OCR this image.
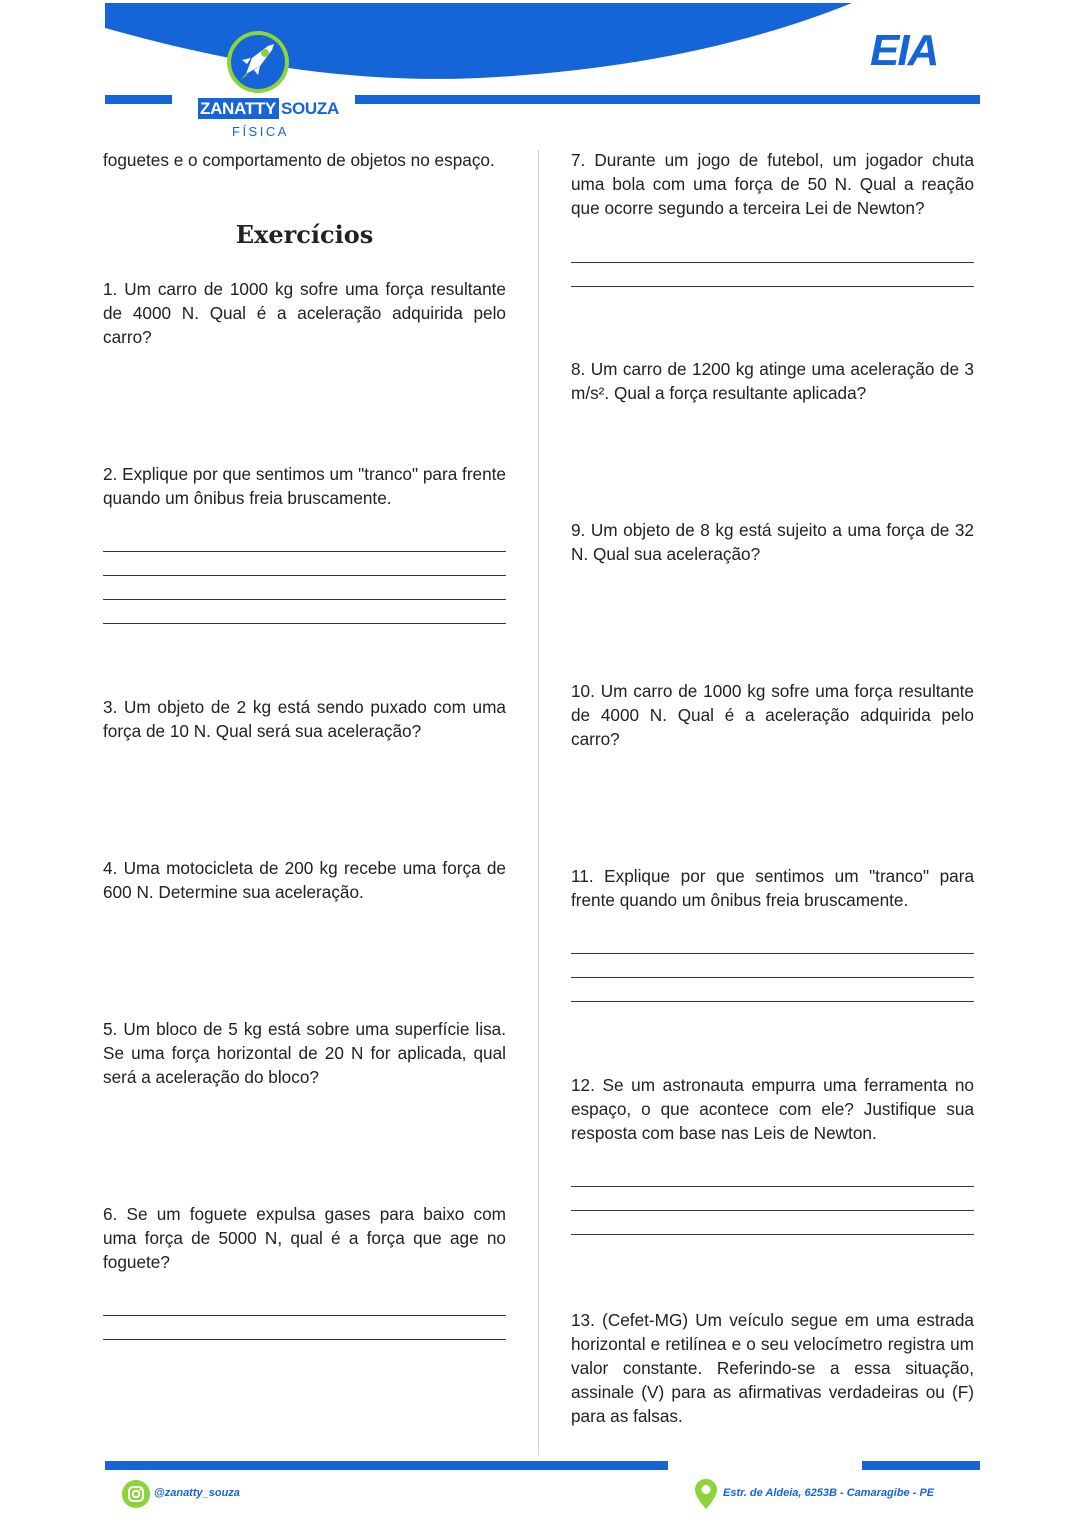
ZANATTY SOUZA
FÍSICA
EIA
foguetes e o comportamento de objetos no espaço.
Exercícios
1. Um carro de 1000 kg sofre uma força resultante de 4000 N. Qual é a aceleração adquirida pelo carro?
2. Explique por que sentimos um "tranco" para frente quando um ônibus freia bruscamente.
3. Um objeto de 2 kg está sendo puxado com uma força de 10 N. Qual será sua aceleração?
4. Uma motocicleta de 200 kg recebe uma força de 600 N. Determine sua aceleração.
5. Um bloco de 5 kg está sobre uma superfície lisa. Se uma força horizontal de 20 N for aplicada, qual será a aceleração do bloco?
6. Se um foguete expulsa gases para baixo com uma força de 5000 N, qual é a força que age no foguete?
7. Durante um jogo de futebol, um jogador chuta uma bola com uma força de 50 N. Qual a reação que ocorre segundo a terceira Lei de Newton?
8. Um carro de 1200 kg atinge uma aceleração de 3 m/s². Qual a força resultante aplicada?
9. Um objeto de 8 kg está sujeito a uma força de 32 N. Qual sua aceleração?
10. Um carro de 1000 kg sofre uma força resultante de 4000 N. Qual é a aceleração adquirida pelo carro?
11. Explique por que sentimos um "tranco" para frente quando um ônibus freia bruscamente.
12. Se um astronauta empurra uma ferramenta no espaço, o que acontece com ele? Justifique sua resposta com base nas Leis de Newton.
13. (Cefet-MG) Um veículo segue em uma estrada horizontal e retilínea e o seu velocímetro registra um valor constante. Referindo-se a essa situação, assinale (V) para as afirmativas verdadeiras ou (F) para as falsas.
@zanatty_souza	Estr. de Aldeia, 6253B - Camaragibe - PE
